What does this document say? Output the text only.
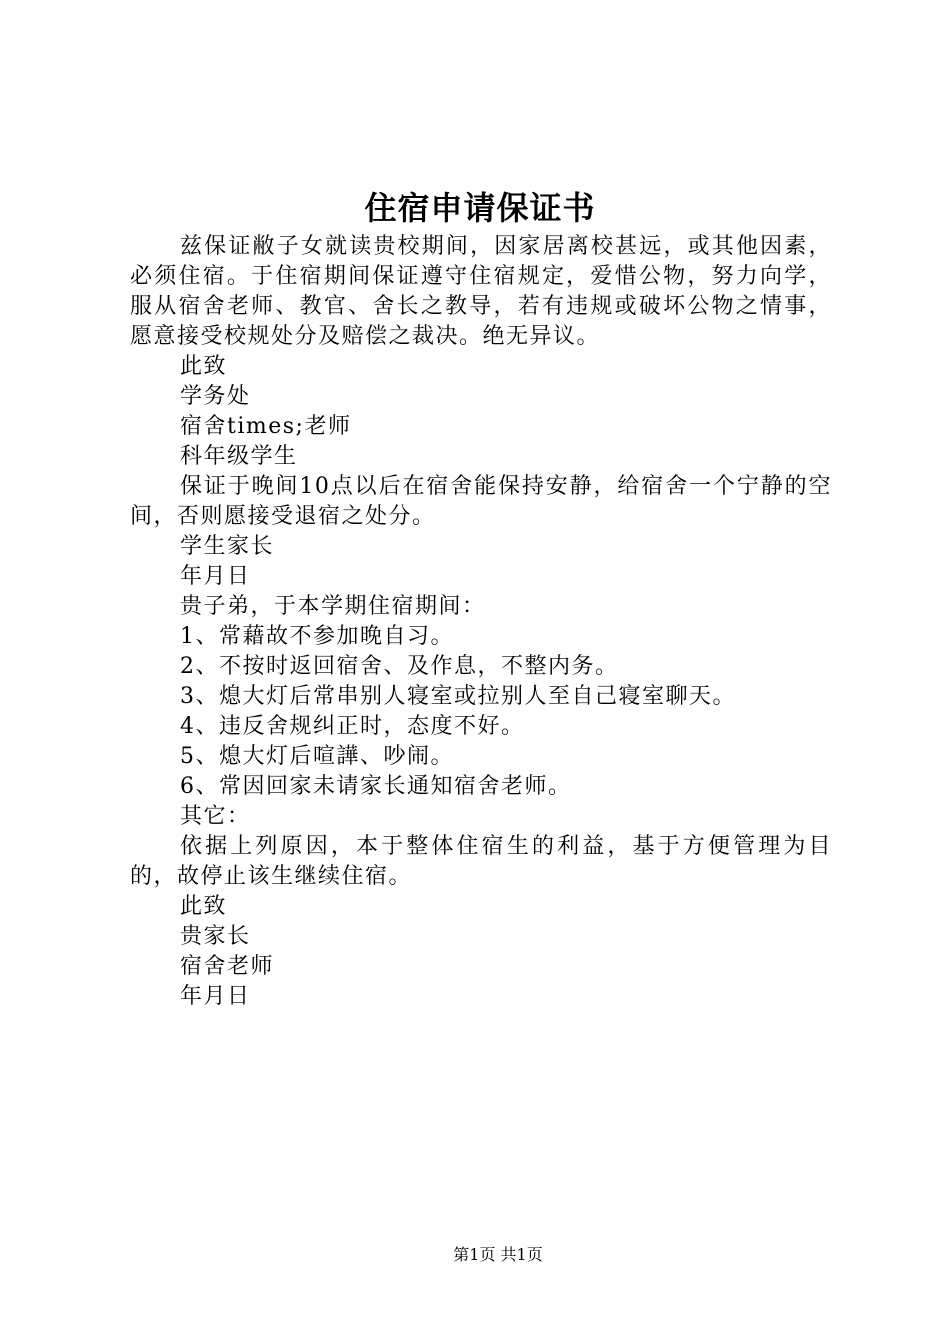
住宿申请保证书

兹保证敝子女就读贵校期间，因家居离校甚远，或其他因素，必须住宿。于住宿期间保证遵守住宿规定，爱惜公物，努力向学，服从宿舍老师、教官、舍长之教导，若有违规或破坏公物之情事，愿意接受校规处分及赔偿之裁决。绝无异议。

此致

学务处

宿舍times;老师

科年级学生

保证于晚间10点以后在宿舍能保持安静，给宿舍一个宁静的空间，否则愿接受退宿之处分。

学生家长

年月日

贵子弟，于本学期住宿期间：

1、常藉故不参加晚自习。

2、不按时返回宿舍、及作息，不整内务。

3、熄大灯后常串别人寝室或拉别人至自己寝室聊天。

4、违反舍规纠正时，态度不好。

5、熄大灯后喧譁、吵闹。

6、常因回家未请家长通知宿舍老师。

其它：

依据上列原因，本于整体住宿生的利益，基于方便管理为目的，故停止该生继续住宿。

此致

贵家长

宿舍老师

年月日

第1页 共1页
